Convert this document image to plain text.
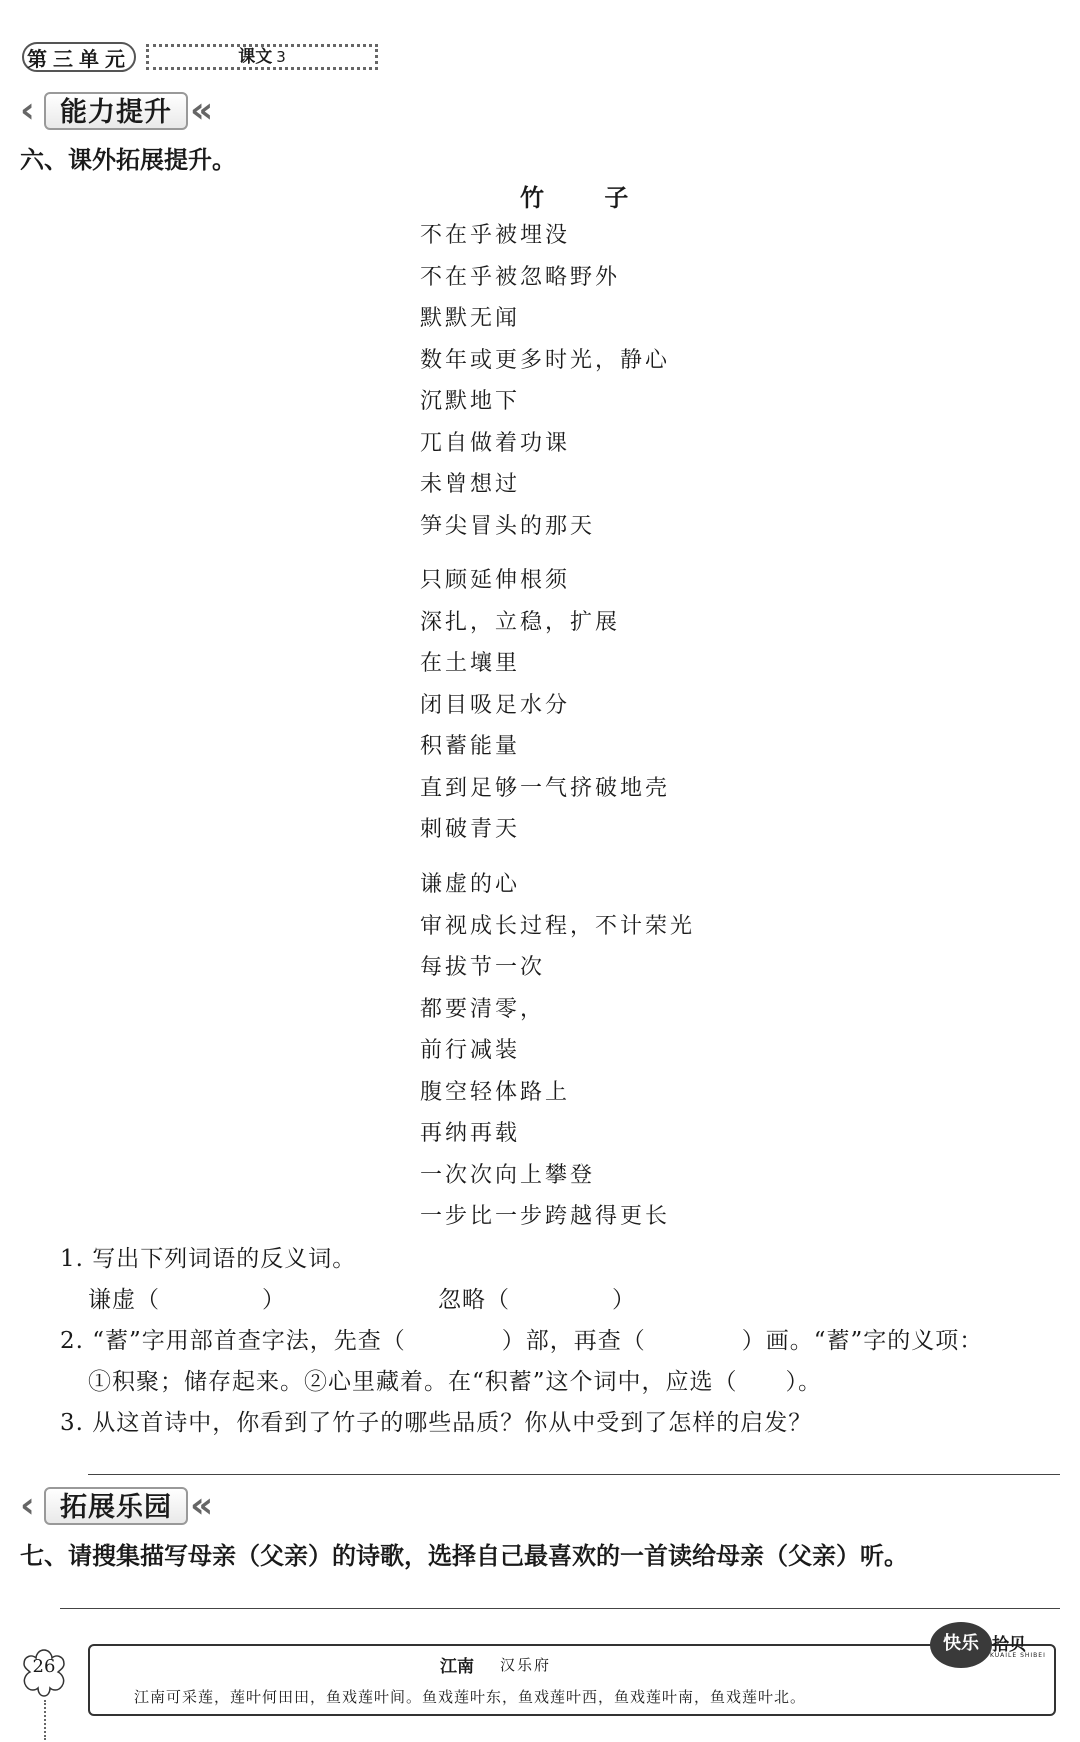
第三单元	课文 3
‹ 能力提升 «
六、课外拓展提升。
竹 子
不在乎被埋没
不在乎被忽略野外
默默无闻
数年或更多时光，静心
沉默地下
兀自做着功课
未曾想过
笋尖冒头的那天
只顾延伸根须
深扎，立稳，扩展
在土壤里
闭目吸足水分
积蓄能量
直到足够一气挤破地壳
刺破青天
谦虚的心
审视成长过程，不计荣光
每拔节一次
都要清零，
前行减装
腹空轻体路上
再纳再载
一次次向上攀登
一步比一步跨越得更长
1. 写出下列词语的反义词。
谦虚（	）	忽略（	）
2. “蓄”字用部首查字法，先查（　　　　）部，再查（　　　　）画。“蓄”字的义项：
①积聚；储存起来。②心里藏着。在“积蓄”这个词中，应选（　　）。
3. 从这首诗中，你看到了竹子的哪些品质？你从中受到了怎样的启发？
‹ 拓展乐园 «
七、请搜集描写母亲（父亲）的诗歌，选择自己最喜欢的一首读给母亲（父亲）听。
26	江南 汉乐府
江南可采莲，莲叶何田田，鱼戏莲叶间。鱼戏莲叶东，鱼戏莲叶西，鱼戏莲叶南，鱼戏莲叶北。
快乐 拾贝
KUAILE SHIBEI
